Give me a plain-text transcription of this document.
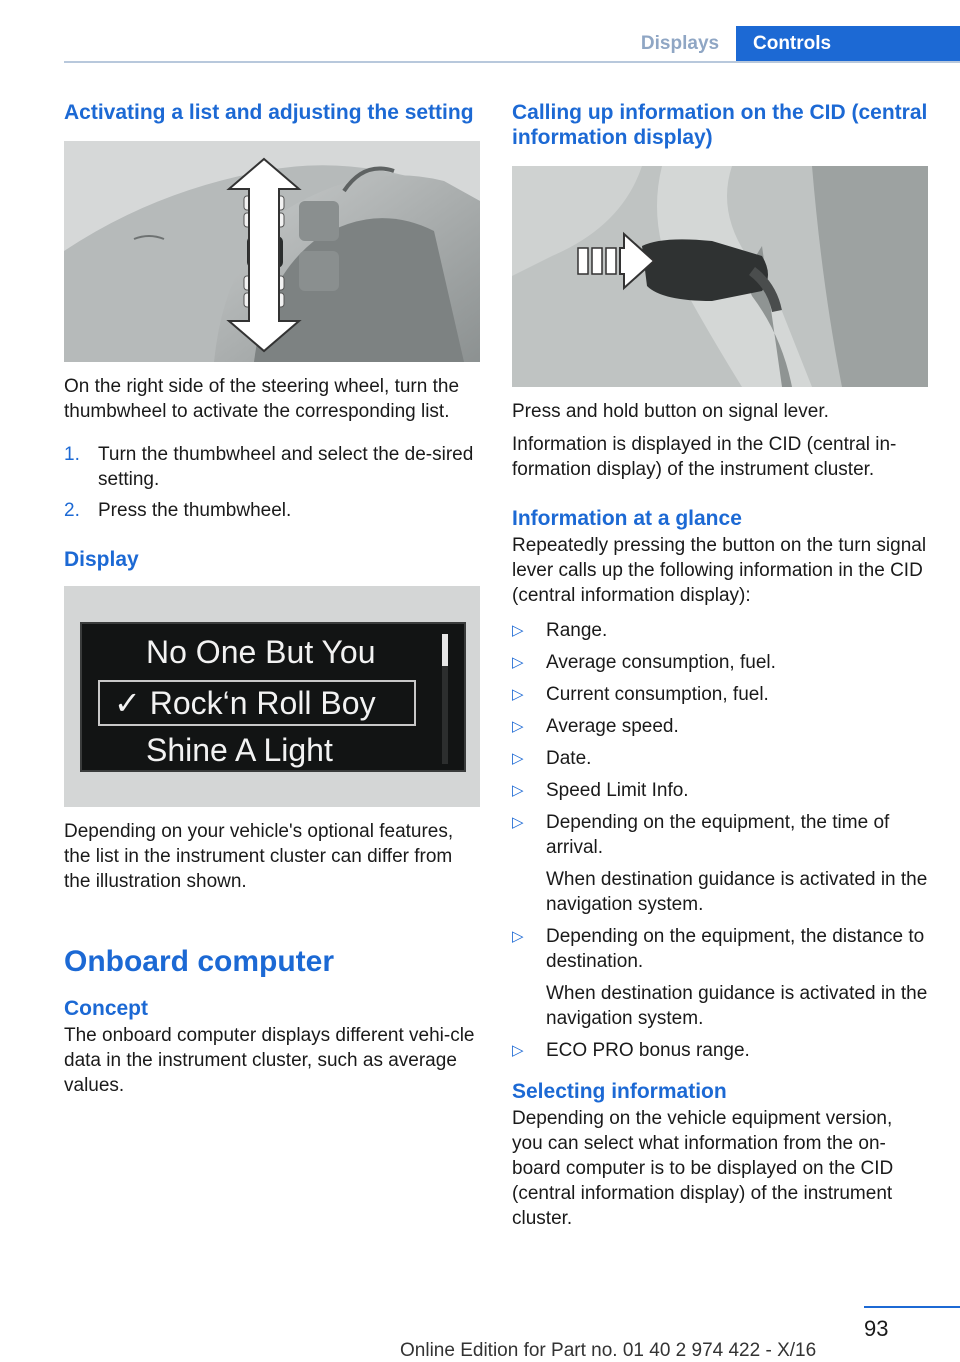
Displays	Controls
Activating a list and adjusting the setting

On the right side of the steering wheel, turn the thumbwheel to activate the corresponding list.

1. Turn the thumbwheel and select the de-sired setting.
2. Press the thumbwheel.
Display
No One But You
✓ Rock‘n Roll Boy
Shine A Light

Depending on your vehicle's optional features, the list in the instrument cluster can differ from the illustration shown.

Onboard computer
Concept

The onboard computer displays different vehi-cle data in the instrument cluster, such as average values.

Calling up information on the CID (central information display)

Press and hold button on signal lever.

Information is displayed in the CID (central in-formation display) of the instrument cluster.

Information at a glance

Repeatedly pressing the button on the turn signal lever calls up the following information in the CID (central information display):

▷ Range.
▷ Average consumption, fuel.
▷ Current consumption, fuel.
▷ Average speed.
▷ Date.
▷ Speed Limit Info.
▷ Depending on the equipment, the time of arrival.
When destination guidance is activated in the navigation system.
▷ Depending on the equipment, the distance to destination.
When destination guidance is activated in the navigation system.
▷ ECO PRO bonus range.
Selecting information

Depending on the vehicle equipment version, you can select what information from the on-board computer is to be displayed on the CID (central information display) of the instrument cluster.

93
Online Edition for Part no. 01 40 2 974 422 - X/16
